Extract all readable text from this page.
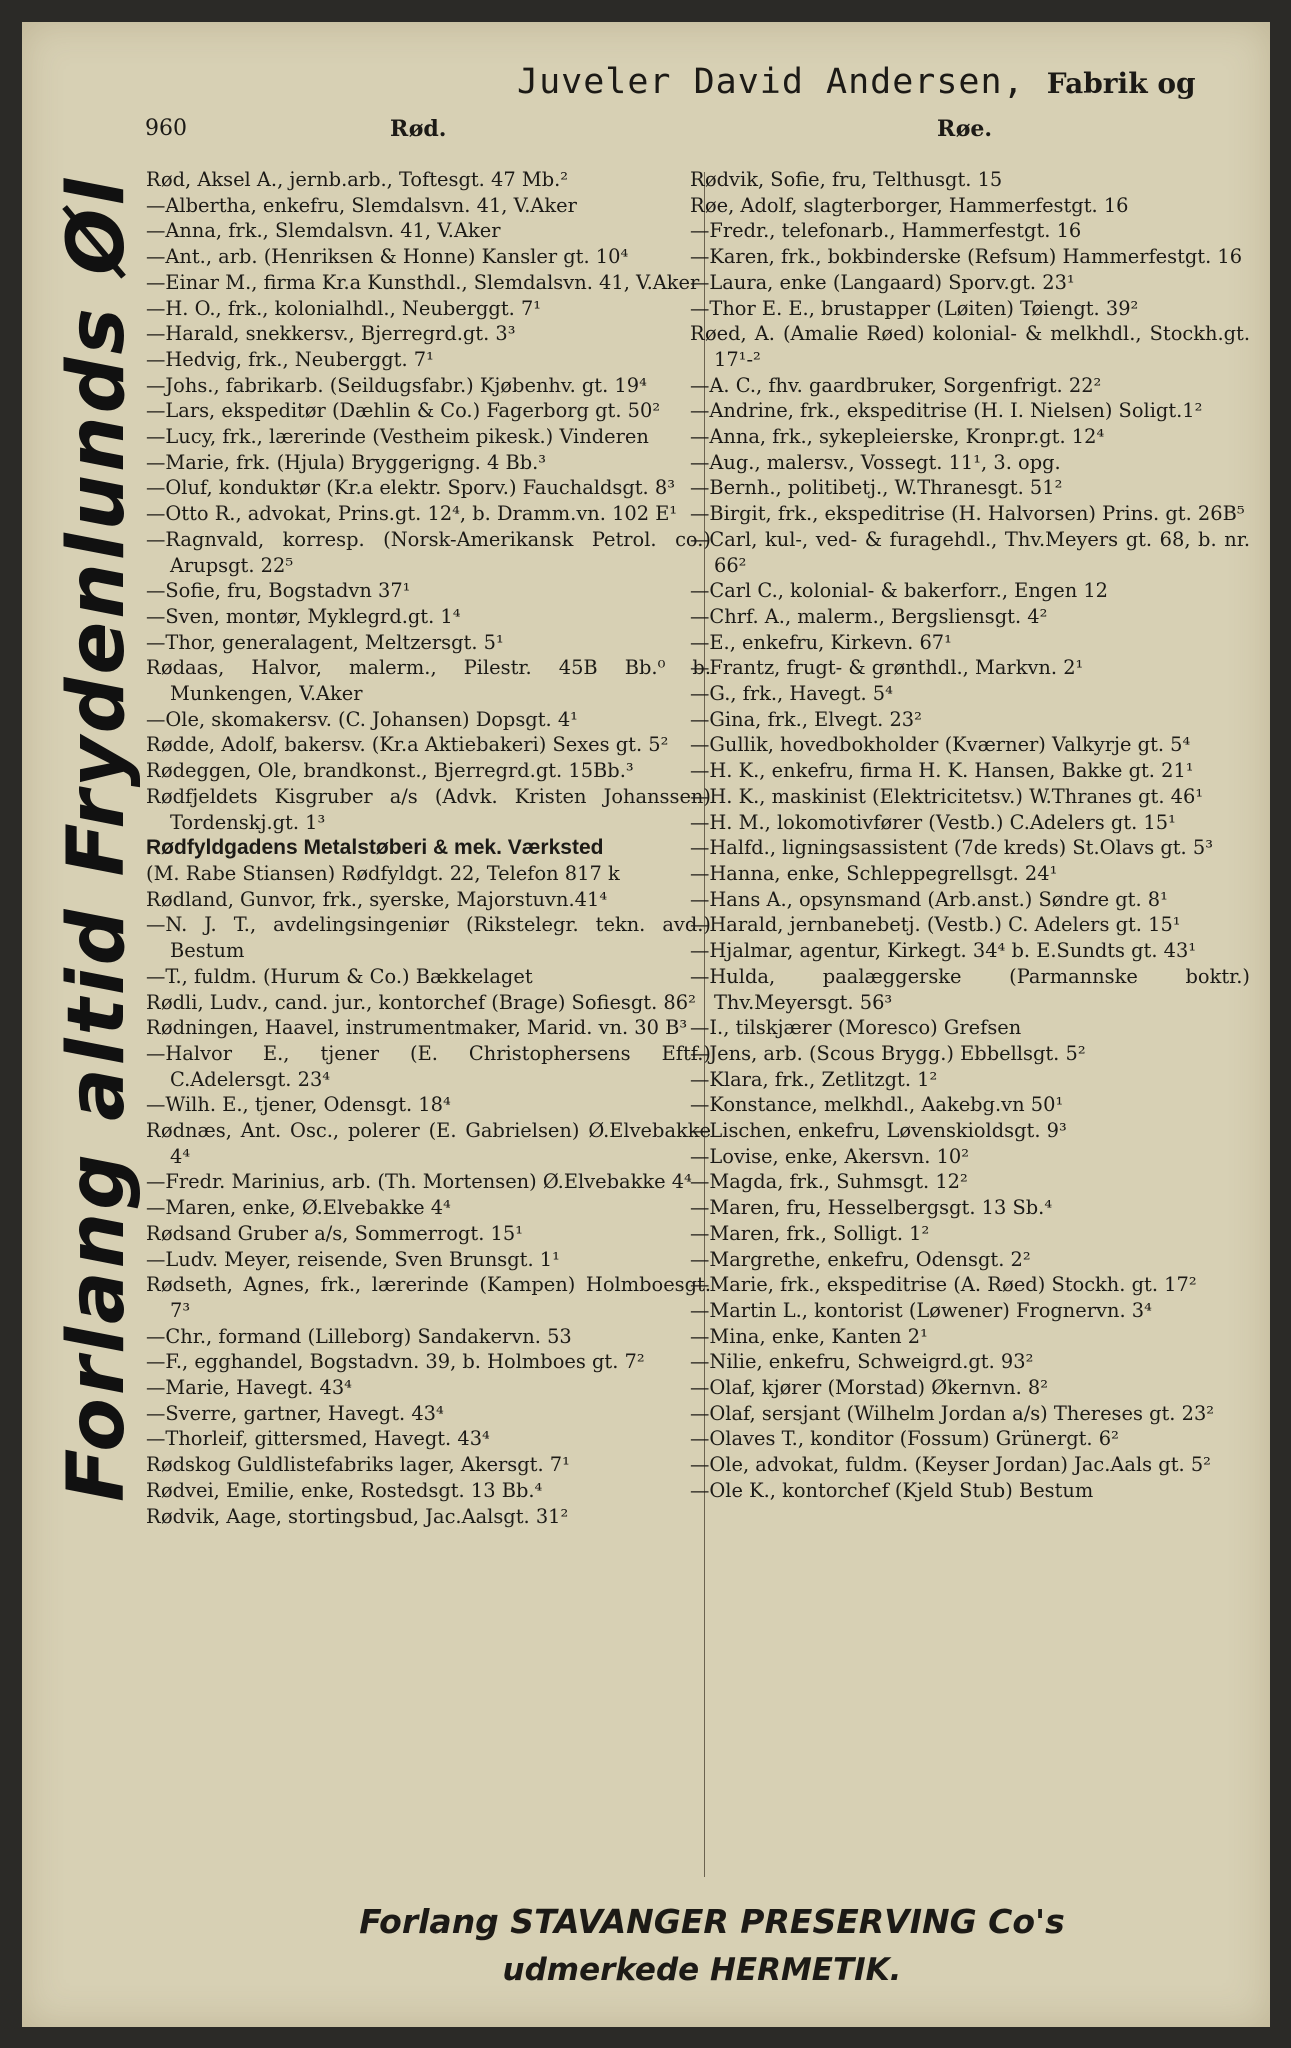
Juveler David Andersen, Fabrik og
960	Rød.	Røe.
Forlang altid Frydenlunds Øl Rød, Aksel A., jernb.arb., Toftesgt. 47 Mb.²
—Albertha, enkefru, Slemdalsvn. 41, V.Aker
—Anna, frk., Slemdalsvn. 41, V.Aker
—Ant., arb. (Henriksen & Honne) Kansler gt. 10⁴
—Einar M., firma Kr.a Kunsthdl., Slemdalsvn. 41, V.Aker
—H. O., frk., kolonialhdl., Neuberggt. 7¹
—Harald, snekkersv., Bjerregrd.gt. 3³
—Hedvig, frk., Neuberggt. 7¹
—Johs., fabrikarb. (Seildugsfabr.) Kjøbenhv. gt. 19⁴
—Lars, ekspeditør (Dæhlin & Co.) Fagerborg gt. 50²
—Lucy, frk., lærerinde (Vestheim pikesk.) Vinderen
—Marie, frk. (Hjula) Bryggerigng. 4 Bb.³
—Oluf, konduktør (Kr.a elektr. Sporv.) Fauchaldsgt. 8³
—Otto R., advokat, Prins.gt. 12⁴, b. Dramm.vn. 102 E¹
—Ragnvald, korresp. (Norsk-Amerikansk Petrol. co.) Arupsgt. 22⁵
—Sofie, fru, Bogstadvn 37¹
—Sven, montør, Myklegrd.gt. 1⁴
—Thor, generalagent, Meltzersgt. 5¹
Rødaas, Halvor, malerm., Pilestr. 45B Bb.⁰ b. Munkengen, V.Aker
—Ole, skomakersv. (C. Johansen) Dopsgt. 4¹
Rødde, Adolf, bakersv. (Kr.a Aktiebakeri) Sexes gt. 5²
Rødeggen, Ole, brandkonst., Bjerregrd.gt. 15Bb.³
Rødfjeldets Kisgruber a/s (Advk. Kristen Johanssen) Tordenskj.gt. 1³
Rødfyldgadens Metalstøberi & mek. Værksted
(M. Rabe Stiansen) Rødfyldgt. 22, Telefon 817 k
Rødland, Gunvor, frk., syerske, Majorstuvn.41⁴
—N. J. T., avdelingsingeniør (Rikstelegr. tekn. avd.) Bestum
—T., fuldm. (Hurum & Co.) Bækkelaget
Rødli, Ludv., cand. jur., kontorchef (Brage) Sofiesgt. 86²
Rødningen, Haavel, instrumentmaker, Marid. vn. 30 B³
—Halvor E., tjener (E. Christophersens Eftf.) C.Adelersgt. 23⁴
—Wilh. E., tjener, Odensgt. 18⁴
Rødnæs, Ant. Osc., polerer (E. Gabrielsen) Ø.Elvebakke 4⁴
—Fredr. Marinius, arb. (Th. Mortensen) Ø.Elvebakke 4⁴
—Maren, enke, Ø.Elvebakke 4⁴
Rødsand Gruber a/s, Sommerrogt. 15¹
—Ludv. Meyer, reisende, Sven Brunsgt. 1¹
Rødseth, Agnes, frk., lærerinde (Kampen) Holmboesgt. 7³
—Chr., formand (Lilleborg) Sandakervn. 53
—F., egghandel, Bogstadvn. 39, b. Holmboes gt. 7²
—Marie, Havegt. 43⁴
—Sverre, gartner, Havegt. 43⁴
—Thorleif, gittersmed, Havegt. 43⁴
Rødskog Guldlistefabriks lager, Akersgt. 7¹
Rødvei, Emilie, enke, Rostedsgt. 13 Bb.⁴
Rødvik, Aage, stortingsbud, Jac.Aalsgt. 31²
Rødvik, Sofie, fru, Telthusgt. 15
Røe, Adolf, slagterborger, Hammerfestgt. 16
—Fredr., telefonarb., Hammerfestgt. 16
—Karen, frk., bokbinderske (Refsum) Hammerfestgt. 16
—Laura, enke (Langaard) Sporv.gt. 23¹
—Thor E. E., brustapper (Løiten) Tøiengt. 39²
Røed, A. (Amalie Røed) kolonial- & melkhdl., Stockh.gt. 17¹-²
—A. C., fhv. gaardbruker, Sorgenfrigt. 22²
—Andrine, frk., ekspeditrise (H. I. Nielsen) Soligt.1²
—Anna, frk., sykepleierske, Kronpr.gt. 12⁴
—Aug., malersv., Vossegt. 11¹, 3. opg.
—Bernh., politibetj., W.Thranesgt. 51²
—Birgit, frk., ekspeditrise (H. Halvorsen) Prins. gt. 26B⁵
—Carl, kul-, ved- & furagehdl., Thv.Meyers gt. 68, b. nr. 66²
—Carl C., kolonial- & bakerforr., Engen 12
—Chrf. A., malerm., Bergsliensgt. 4²
—E., enkefru, Kirkevn. 67¹
—Frantz, frugt- & grønthdl., Markvn. 2¹
—G., frk., Havegt. 5⁴
—Gina, frk., Elvegt. 23²
—Gullik, hovedbokholder (Kværner) Valkyrje gt. 5⁴
—H. K., enkefru, firma H. K. Hansen, Bakke gt. 21¹
—H. K., maskinist (Elektricitetsv.) W.Thranes gt. 46¹
—H. M., lokomotivfører (Vestb.) C.Adelers gt. 15¹
—Halfd., ligningsassistent (7de kreds) St.Olavs gt. 5³
—Hanna, enke, Schleppegrellsgt. 24¹
—Hans A., opsynsmand (Arb.anst.) Søndre gt. 8¹
—Harald, jernbanebetj. (Vestb.) C. Adelers gt. 15¹
—Hjalmar, agentur, Kirkegt. 34⁴ b. E.Sundts gt. 43¹
—Hulda, paalæggerske (Parmannske boktr.) Thv.Meyersgt. 56³
—I., tilskjærer (Moresco) Grefsen
—Jens, arb. (Scous Brygg.) Ebbellsgt. 5²
—Klara, frk., Zetlitzgt. 1²
—Konstance, melkhdl., Aakebg.vn 50¹
—Lischen, enkefru, Løvenskioldsgt. 9³
—Lovise, enke, Akersvn. 10²
—Magda, frk., Suhmsgt. 12²
—Maren, fru, Hesselbergsgt. 13 Sb.⁴
—Maren, frk., Solligt. 1²
—Margrethe, enkefru, Odensgt. 2²
—Marie, frk., ekspeditrise (A. Røed) Stockh. gt. 17²
—Martin L., kontorist (Løwener) Frognervn. 3⁴
—Mina, enke, Kanten 2¹
—Nilie, enkefru, Schweigrd.gt. 93²
—Olaf, kjører (Morstad) Økernvn. 8²
—Olaf, sersjant (Wilhelm Jordan a/s) Thereses gt. 23²
—Olaves T., konditor (Fossum) Grünergt. 6²
—Ole, advokat, fuldm. (Keyser Jordan) Jac.Aals gt. 5²
—Ole K., kontorchef (Kjeld Stub) Bestum
Forlang STAVANGER PRESERVING Co's
udmerkede HERMETIK.
